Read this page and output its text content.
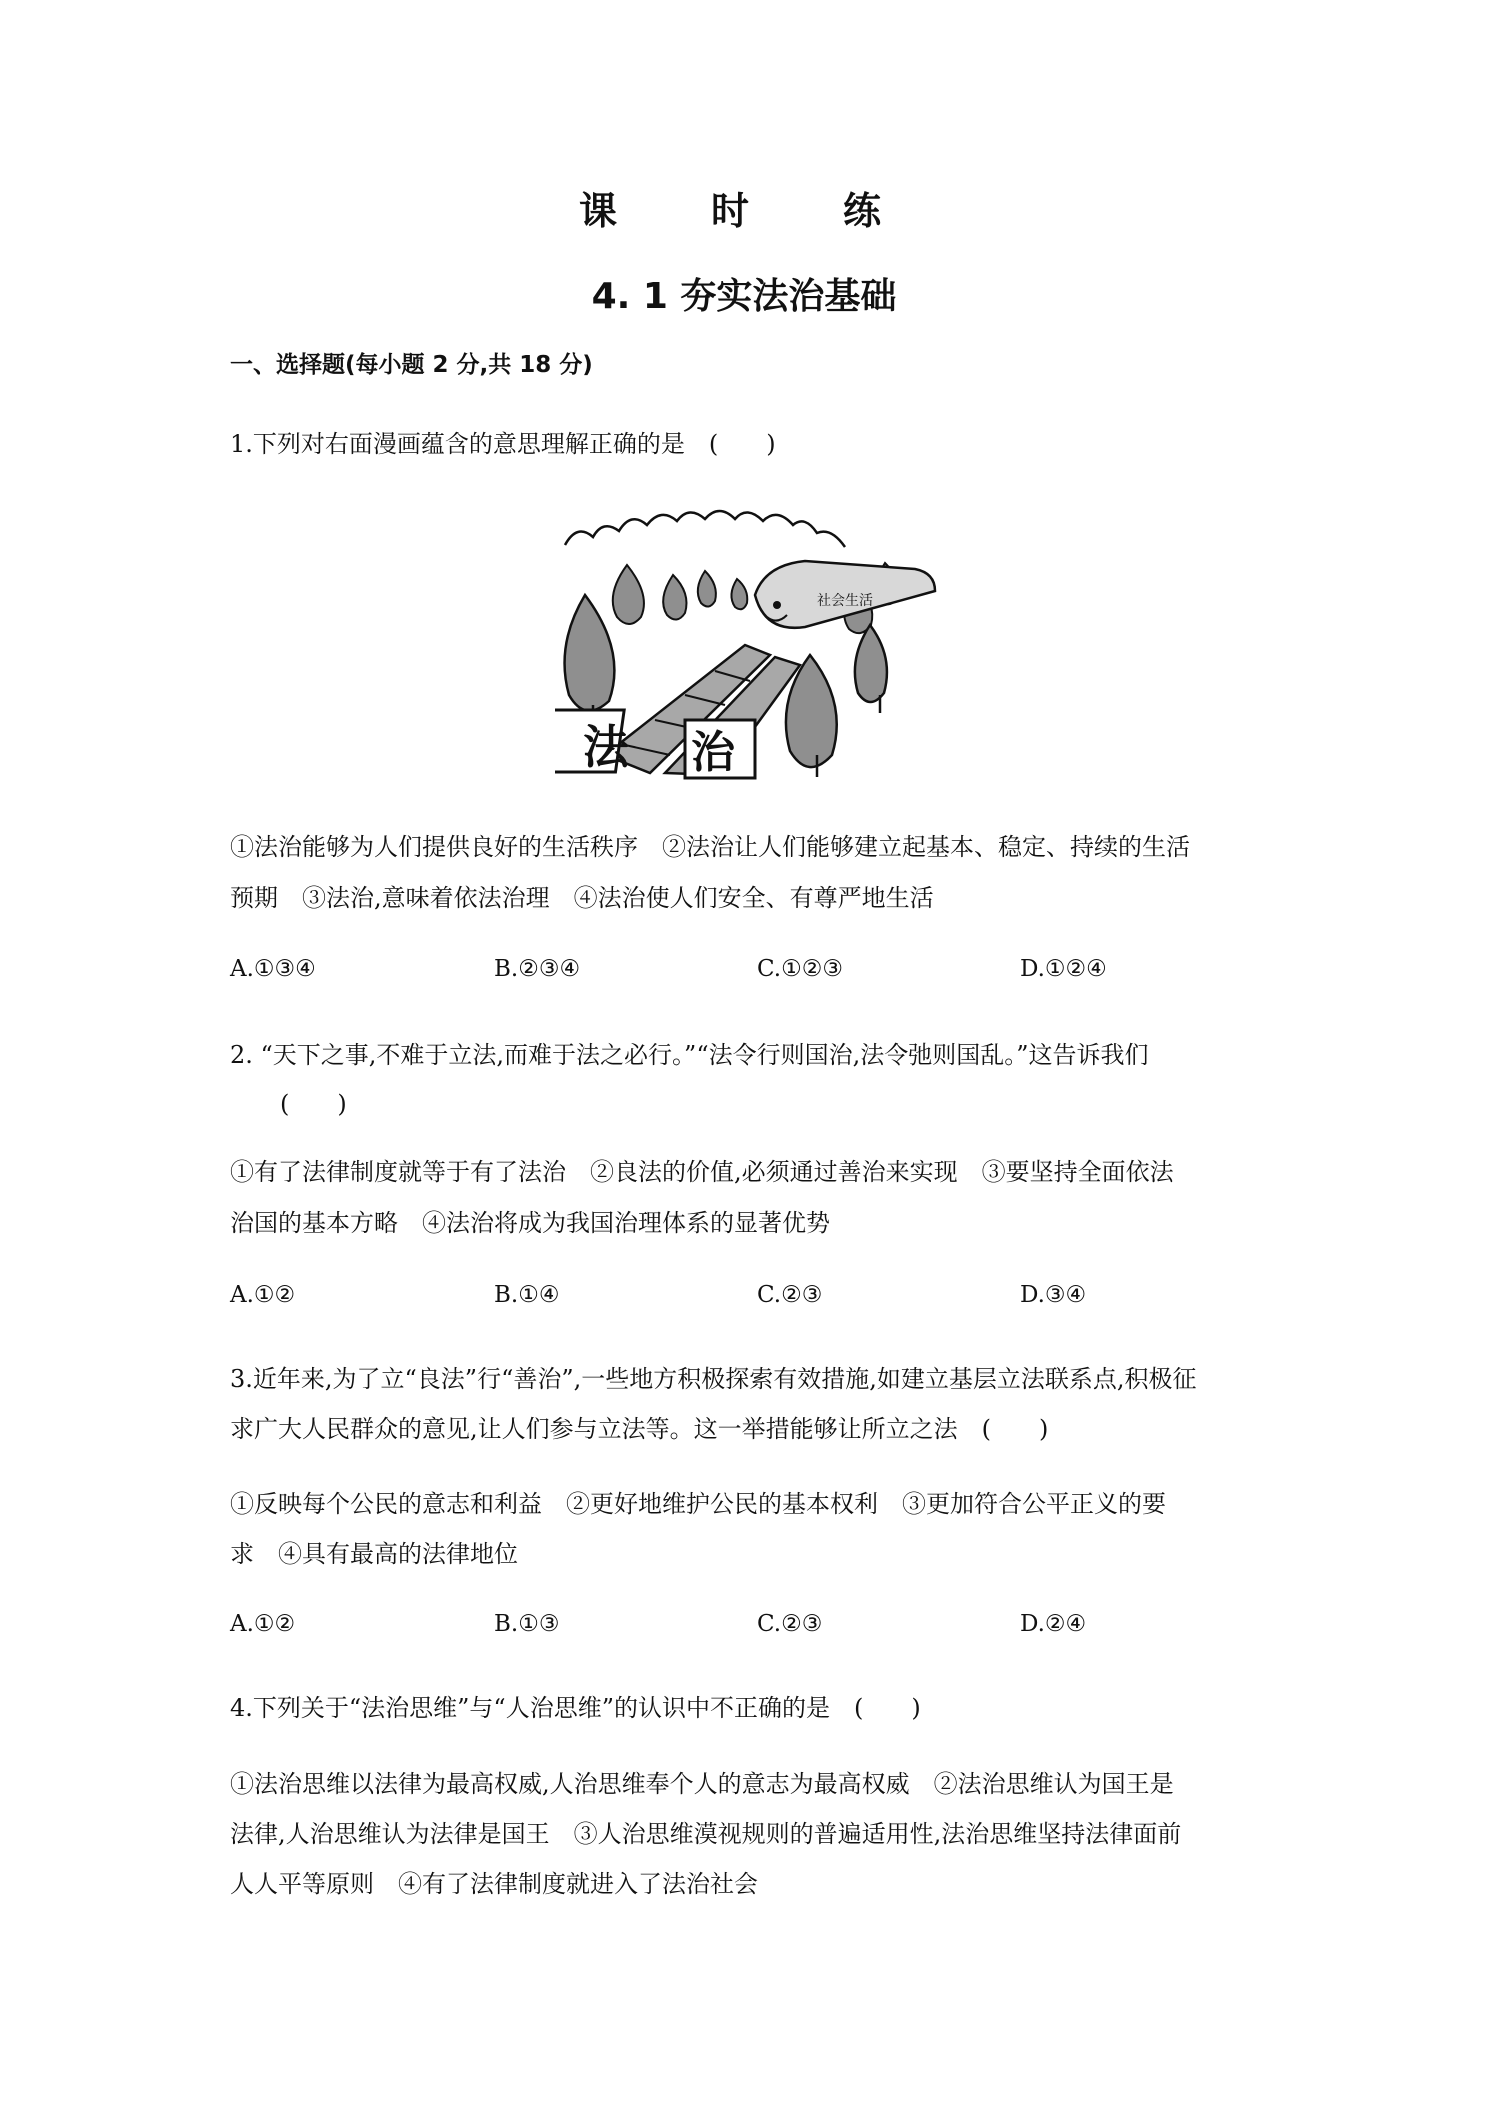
课　时　练
4. 1 夯实法治基础
一、选择题(每小题 2 分,共 18 分)
1.下列对右面漫画蕴含的意思理解正确的是　(　　)
法 治
社会生活
①法治能够为人们提供良好的生活秩序　②法治让人们能够建立起基本、稳定、持续的生活
预期　③法治,意味着依法治理　④法治使人们安全、有尊严地生活
A.①③④	B.②③④	C.①②③	D.①②④
2. “天下之事,不难于立法,而难于法之必行。”“法令行则国治,法令弛则国乱。”这告诉我们
(　　)
①有了法律制度就等于有了法治　②良法的价值,必须通过善治来实现　③要坚持全面依法
治国的基本方略　④法治将成为我国治理体系的显著优势
A.①②	B.①④	C.②③	D.③④
3.近年来,为了立“良法”行“善治”,一些地方积极探索有效措施,如建立基层立法联系点,积极征
求广大人民群众的意见,让人们参与立法等。这一举措能够让所立之法　(　　)
①反映每个公民的意志和利益　②更好地维护公民的基本权利　③更加符合公平正义的要
求　④具有最高的法律地位
A.①②	B.①③	C.②③	D.②④
4.下列关于“法治思维”与“人治思维”的认识中不正确的是　(　　)
①法治思维以法律为最高权威,人治思维奉个人的意志为最高权威　②法治思维认为国王是
法律,人治思维认为法律是国王　③人治思维漠视规则的普遍适用性,法治思维坚持法律面前
人人平等原则　④有了法律制度就进入了法治社会
